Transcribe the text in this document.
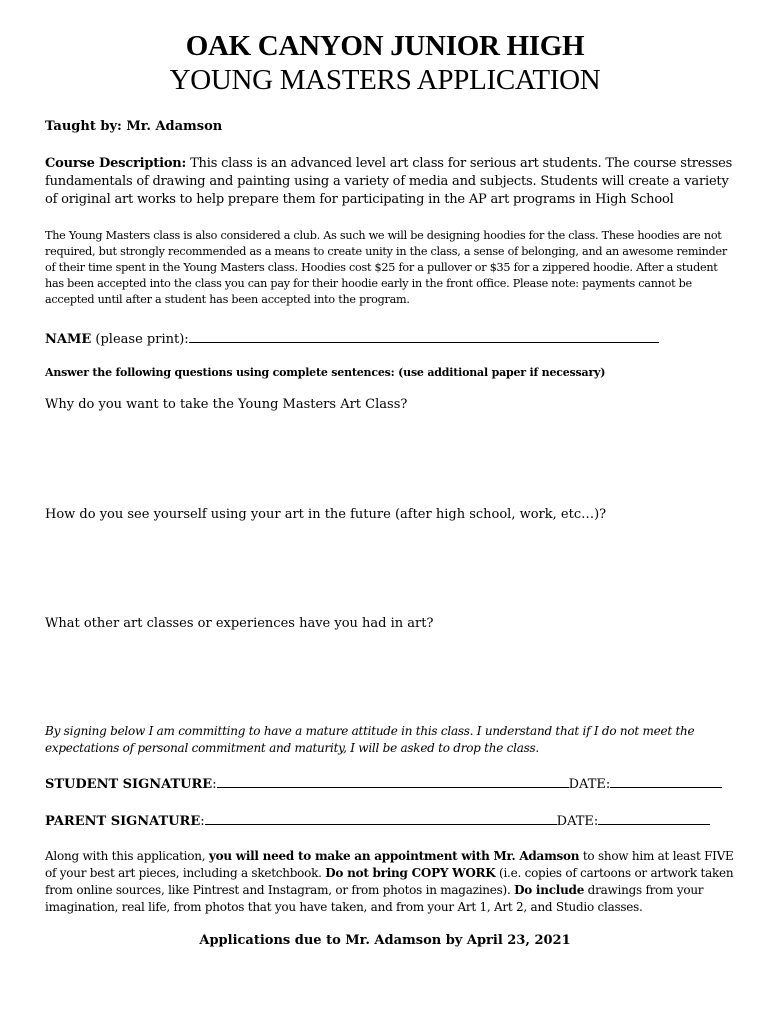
OAK CANYON JUNIOR HIGH
YOUNG MASTERS APPLICATION
Taught by: Mr. Adamson
Course Description: This class is an advanced level art class for serious art students. The course stresses fundamentals of drawing and painting using a variety of media and subjects. Students will create a variety of original art works to help prepare them for participating in the AP art programs in High School
The Young Masters class is also considered a club. As such we will be designing hoodies for the class. These hoodies are not required, but strongly recommended as a means to create unity in the class, a sense of belonging, and an awesome reminder of their time spent in the Young Masters class. Hoodies cost $25 for a pullover or $35 for a zippered hoodie. After a student has been accepted into the class you can pay for their hoodie early in the front office. Please note: payments cannot be accepted until after a student has been accepted into the program.
NAME (please print):
Answer the following questions using complete sentences: (use additional paper if necessary)
Why do you want to take the Young Masters Art Class?
How do you see yourself using your art in the future (after high school, work, etc…)?
What other art classes or experiences have you had in art?
By signing below I am committing to have a mature attitude in this class. I understand that if I do not meet the expectations of personal commitment and maturity, I will be asked to drop the class.
STUDENT SIGNATURE:	DATE:
PARENT SIGNATURE:	DATE:
Along with this application, you will need to make an appointment with Mr. Adamson to show him at least FIVE of your best art pieces, including a sketchbook. Do not bring COPY WORK (i.e. copies of cartoons or artwork taken from online sources, like Pintrest and Instagram, or from photos in magazines). Do include drawings from your imagination, real life, from photos that you have taken, and from your Art 1, Art 2, and Studio classes.
Applications due to Mr. Adamson by April 23, 2021
